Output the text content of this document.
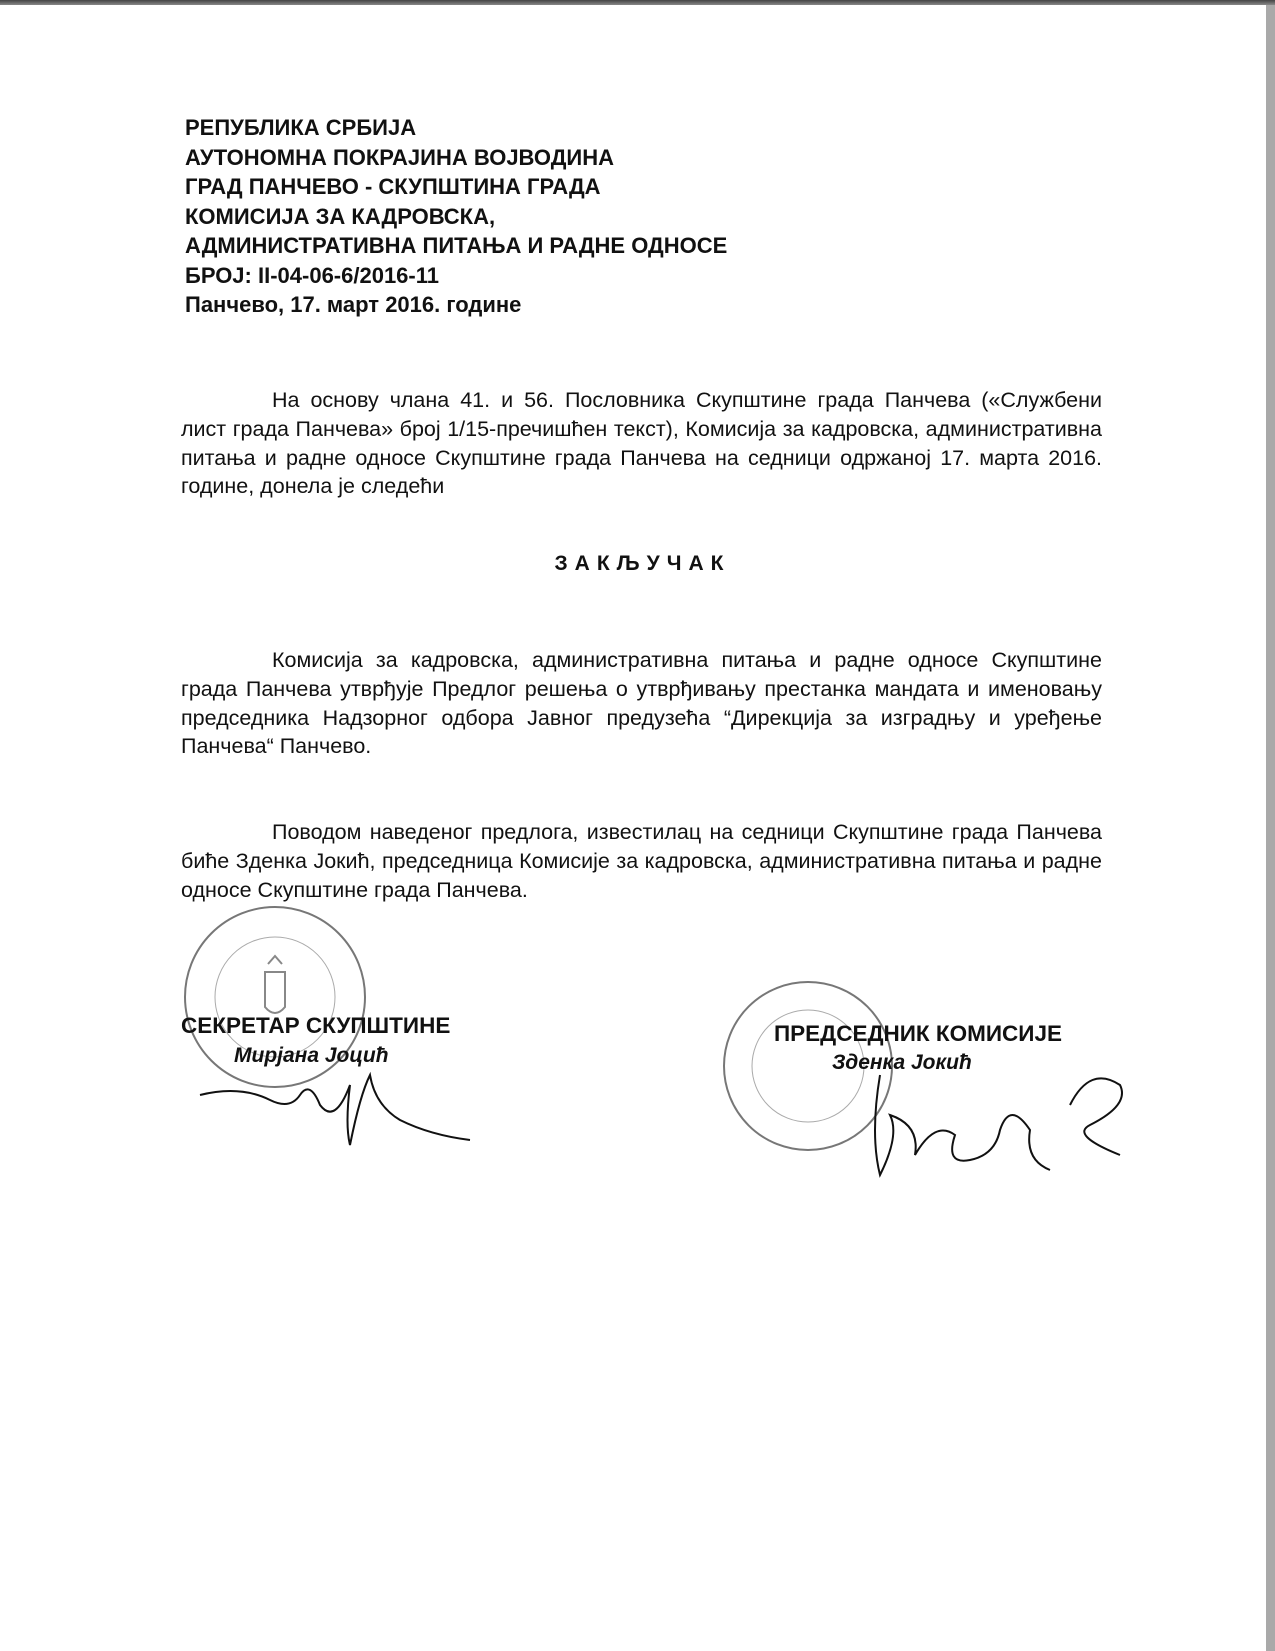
РЕПУБЛИКА СРБИЈА
АУТОНОМНА ПОКРАЈИНА ВОЈВОДИНА
ГРАД ПАНЧЕВО - СКУПШТИНА ГРАДА
КОМИСИЈА ЗА КАДРОВСКА,
АДМИНИСТРАТИВНА ПИТАЊА И РАДНЕ ОДНОСЕ
БРОЈ: II-04-06-6/2016-11
Панчево, 17. март 2016. године
На основу члана 41. и 56. Пословника Скупштине града Панчева («Службени лист града Панчева» број 1/15-пречишћен текст), Комисија за кадровска, административна питања и радне односе Скупштине града Панчева на седници одржаној 17. марта 2016. године, донела је следећи
ЗАКЉУЧАК
Комисија за кадровска, административна питања и радне односе Скупштине града Панчева утврђује Предлог решења о утврђивању престанка мандата и именовању председника Надзорног одбора Јавног предузећа “Дирекција за изградњу и уређење Панчева“ Панчево.
Поводом наведеног предлога, известилац на седници Скупштине града Панчева биће Зденка Јокић, председница Комисије за кадровска, административна питања и радне односе Скупштине града Панчева.
СЕКРЕТАР СКУПШТИНЕ
Мирјана Јоцић
ПРЕДСЕДНИК КОМИСИЈЕ
Зденка Јокић
